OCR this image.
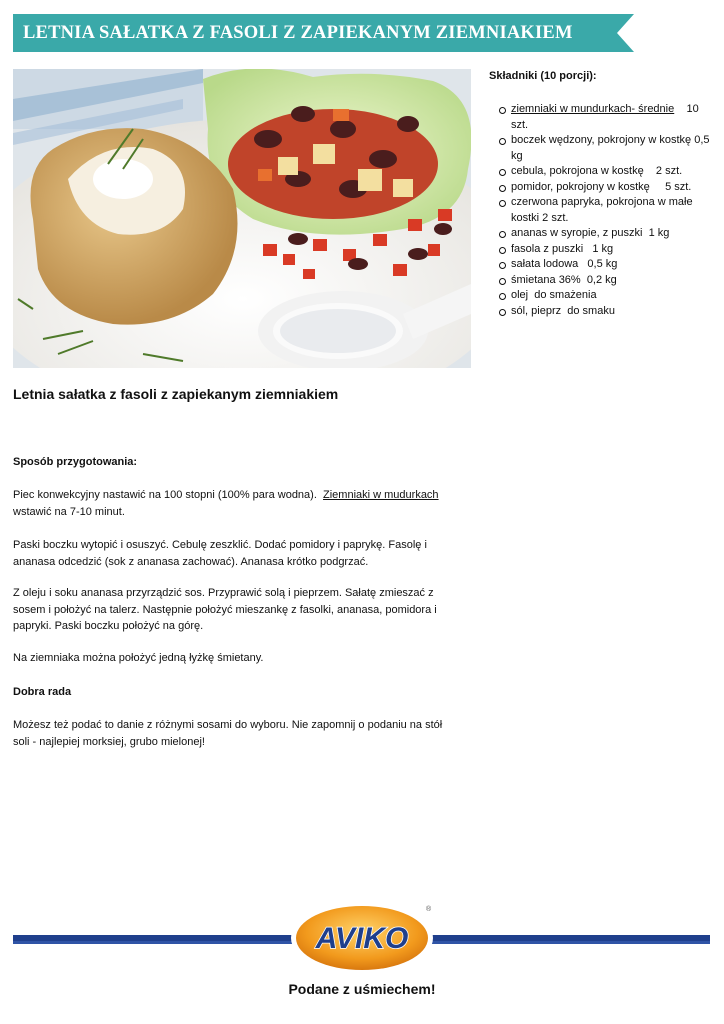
LETNIA SAŁATKA Z FASOLI Z ZAPIEKANYM ZIEMNIAKIEM
Składniki (10 porcji):
ziemniaki w mundurkach- średnie    10 szt.
boczek wędzony, pokrojony w kostkę 0,5 kg
cebula, pokrojona w kostkę    2 szt.
pomidor, pokrojony w kostkę     5 szt.
czerwona papryka, pokrojona w małe kostki 2 szt.
ananas w syropie, z puszki  1 kg
fasola z puszki   1 kg
sałata lodowa   0,5 kg
śmietana 36%  0,2 kg
olej  do smażenia
sól, pieprz  do smaku
Letnia sałatka z fasoli z zapiekanym ziemniakiem
Sposób przygotowania:
Piec konwekcyjny nastawić na 100 stopni (100% para wodna).  Ziemniaki w mudurkach wstawić na 7-10 minut.
Paski boczku wytopić i osuszyć. Cebulę zeszklić. Dodać pomidory i paprykę. Fasolę i ananasa odcedzić (sok z ananasa zachować). Ananasa krótko podgrzać.
Z oleju i soku ananasa przyrządzić sos. Przyprawić solą i pieprzem. Sałatę zmieszać z sosem i położyć na talerz. Następnie położyć mieszankę z fasolki, ananasa, pomidora i papryki. Paski boczku położyć na górę.
Na ziemniaka można położyć jedną łyżkę śmietany.
Dobra rada
Możesz też podać to danie z różnymi sosami do wyboru. Nie zapomnij o podaniu na stół soli - najlepiej morksiej, grubo mielonej!
AVIKO
®
Podane z uśmiechem!
